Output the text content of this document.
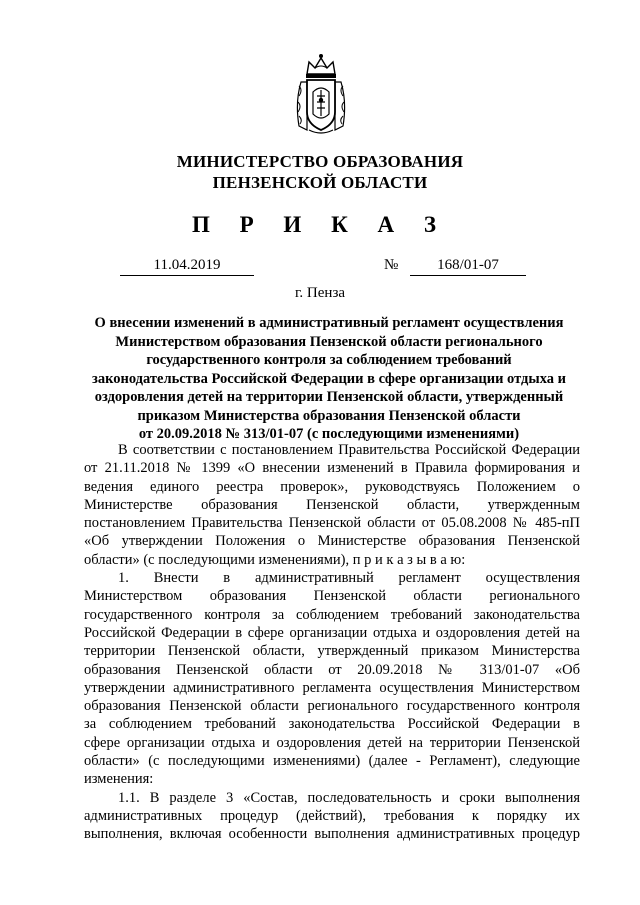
МИНИСТЕРСТВО ОБРАЗОВАНИЯ
ПЕНЗЕНСКОЙ ОБЛАСТИ
П Р И К А З
11.04.2019	№	168/01-07
г. Пенза
О внесении изменений в административный регламент осуществления
Министерством образования Пензенской области регионального
государственного контроля за соблюдением требований
законодательства Российской Федерации в сфере организации отдыха и
оздоровления детей на территории Пензенской области, утвержденный
приказом Министерства образования Пензенской области
от 20.09.2018 № 313/01-07 (с последующими изменениями)
В соответствии с постановлением Правительства Российской Федерации
от 21.11.2018 № 1399 «О внесении изменений в Правила формирования и
ведения единого реестра проверок», руководствуясь Положением о
Министерстве образования Пензенской области, утвержденным
постановлением Правительства Пензенской области от 05.08.2008 № 485-пП
«Об утверждении Положения о Министерстве образования Пензенской
области» (с последующими изменениями), п р и к а з ы в а ю:
1. Внести в административный регламент осуществления
Министерством образования Пензенской области регионального
государственного контроля за соблюдением требований законодательства
Российской Федерации в сфере организации отдыха и оздоровления детей на
территории Пензенской области, утвержденный приказом Министерства
образования Пензенской области от 20.09.2018 № 313/01-07 «Об
утверждении административного регламента осуществления Министерством
образования Пензенской области регионального государственного контроля
за соблюдением требований законодательства Российской Федерации в
сфере организации отдыха и оздоровления детей на территории Пензенской
области» (с последующими изменениями) (далее - Регламент), следующие
изменения:
1.1. В разделе 3 «Состав, последовательность и сроки выполнения
административных процедур (действий), требования к порядку их
выполнения, включая особенности выполнения административных процедур
